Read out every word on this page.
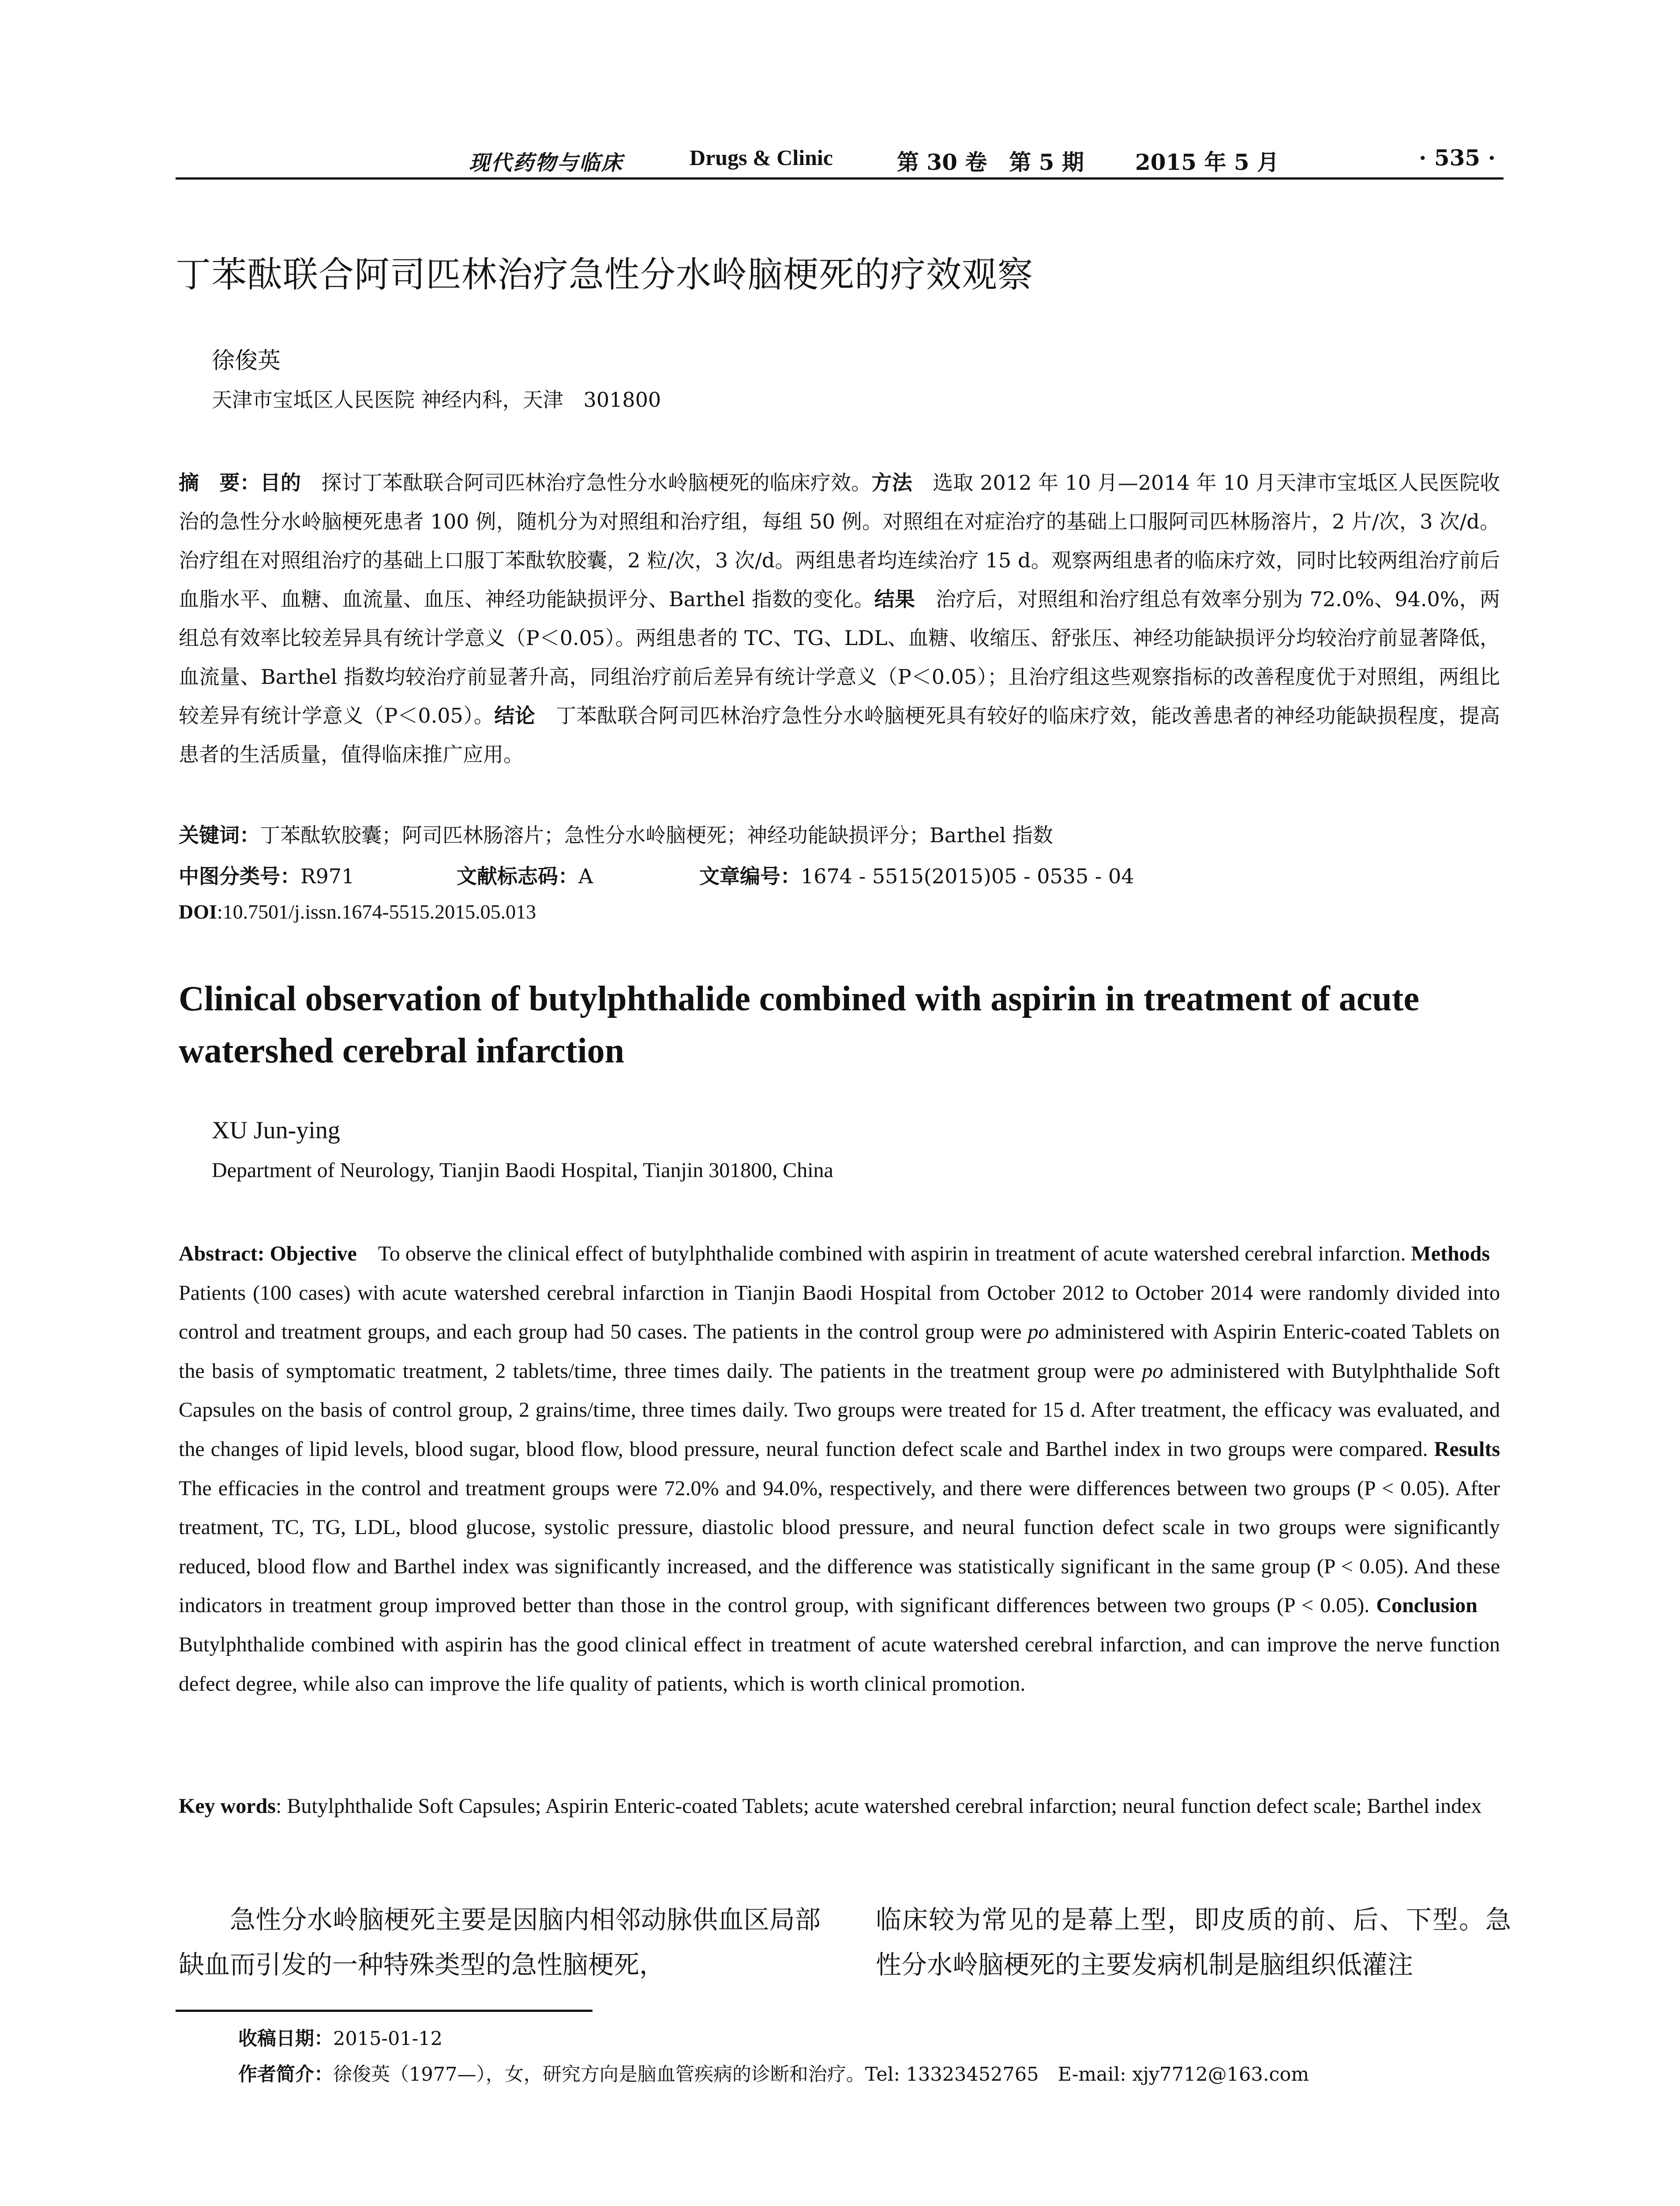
现代药物与临床	Drugs & Clinic	第 30 卷　第 5 期 2015 年 5 月	· 535 ·
丁苯酞联合阿司匹林治疗急性分水岭脑梗死的疗效观察
徐俊英
天津市宝坻区人民医院 神经内科，天津　301800
摘　要：目的　探讨丁苯酞联合阿司匹林治疗急性分水岭脑梗死的临床疗效。方法　选取 2012 年 10 月—2014 年 10 月天津市宝坻区人民医院收治的急性分水岭脑梗死患者 100 例，随机分为对照组和治疗组，每组 50 例。对照组在对症治疗的基础上口服阿司匹林肠溶片，2 片/次，3 次/d。治疗组在对照组治疗的基础上口服丁苯酞软胶囊，2 粒/次，3 次/d。两组患者均连续治疗 15 d。观察两组患者的临床疗效，同时比较两组治疗前后血脂水平、血糖、血流量、血压、神经功能缺损评分、Barthel 指数的变化。结果　治疗后，对照组和治疗组总有效率分别为 72.0%、94.0%，两组总有效率比较差异具有统计学意义（P＜0.05）。两组患者的 TC、TG、LDL、血糖、收缩压、舒张压、神经功能缺损评分均较治疗前显著降低，血流量、Barthel 指数均较治疗前显著升高，同组治疗前后差异有统计学意义（P＜0.05）；且治疗组这些观察指标的改善程度优于对照组，两组比较差异有统计学意义（P＜0.05）。结论　丁苯酞联合阿司匹林治疗急性分水岭脑梗死具有较好的临床疗效，能改善患者的神经功能缺损程度，提高患者的生活质量，值得临床推广应用。
关键词：丁苯酞软胶囊；阿司匹林肠溶片；急性分水岭脑梗死；神经功能缺损评分；Barthel 指数
中图分类号：R971	文献标志码：A	文章编号：1674 - 5515(2015)05 - 0535 - 04
DOI:10.7501/j.issn.1674-5515.2015.05.013
Clinical observation of butylphthalide combined with aspirin in treatment of acute watershed cerebral infarction
XU Jun-ying
Department of Neurology, Tianjin Baodi Hospital, Tianjin 301800, China
Abstract: Objective　To observe the clinical effect of butylphthalide combined with aspirin in treatment of acute watershed cerebral infarction. Methods　Patients (100 cases) with acute watershed cerebral infarction in Tianjin Baodi Hospital from October 2012 to October 2014 were randomly divided into control and treatment groups, and each group had 50 cases. The patients in the control group were po administered with Aspirin Enteric-coated Tablets on the basis of symptomatic treatment, 2 tablets/time, three times daily. The patients in the treatment group were po administered with Butylphthalide Soft Capsules on the basis of control group, 2 grains/time, three times daily. Two groups were treated for 15 d. After treatment, the efficacy was evaluated, and the changes of lipid levels, blood sugar, blood flow, blood pressure, neural function defect scale and Barthel index in two groups were compared. Results The efficacies in the control and treatment groups were 72.0% and 94.0%, respectively, and there were differences between two groups (P < 0.05). After treatment, TC, TG, LDL, blood glucose, systolic pressure, diastolic blood pressure, and neural function defect scale in two groups were significantly reduced, blood flow and Barthel index was significantly increased, and the difference was statistically significant in the same group (P < 0.05). And these indicators in treatment group improved better than those in the control group, with significant differences between two groups (P < 0.05). Conclusion　Butylphthalide combined with aspirin has the good clinical effect in treatment of acute watershed cerebral infarction, and can improve the nerve function defect degree, while also can improve the life quality of patients, which is worth clinical promotion.
Key words: Butylphthalide Soft Capsules; Aspirin Enteric-coated Tablets; acute watershed cerebral infarction; neural function defect scale; Barthel index
急性分水岭脑梗死主要是因脑内相邻动脉供血区局部缺血而引发的一种特殊类型的急性脑梗死，
临床较为常见的是幕上型，即皮质的前、后、下型。急性分水岭脑梗死的主要发病机制是脑组织低灌注
收稿日期：2015-01-12
作者简介：徐俊英（1977—），女，研究方向是脑血管疾病的诊断和治疗。Tel: 13323452765　E-mail: xjy7712@163.com
